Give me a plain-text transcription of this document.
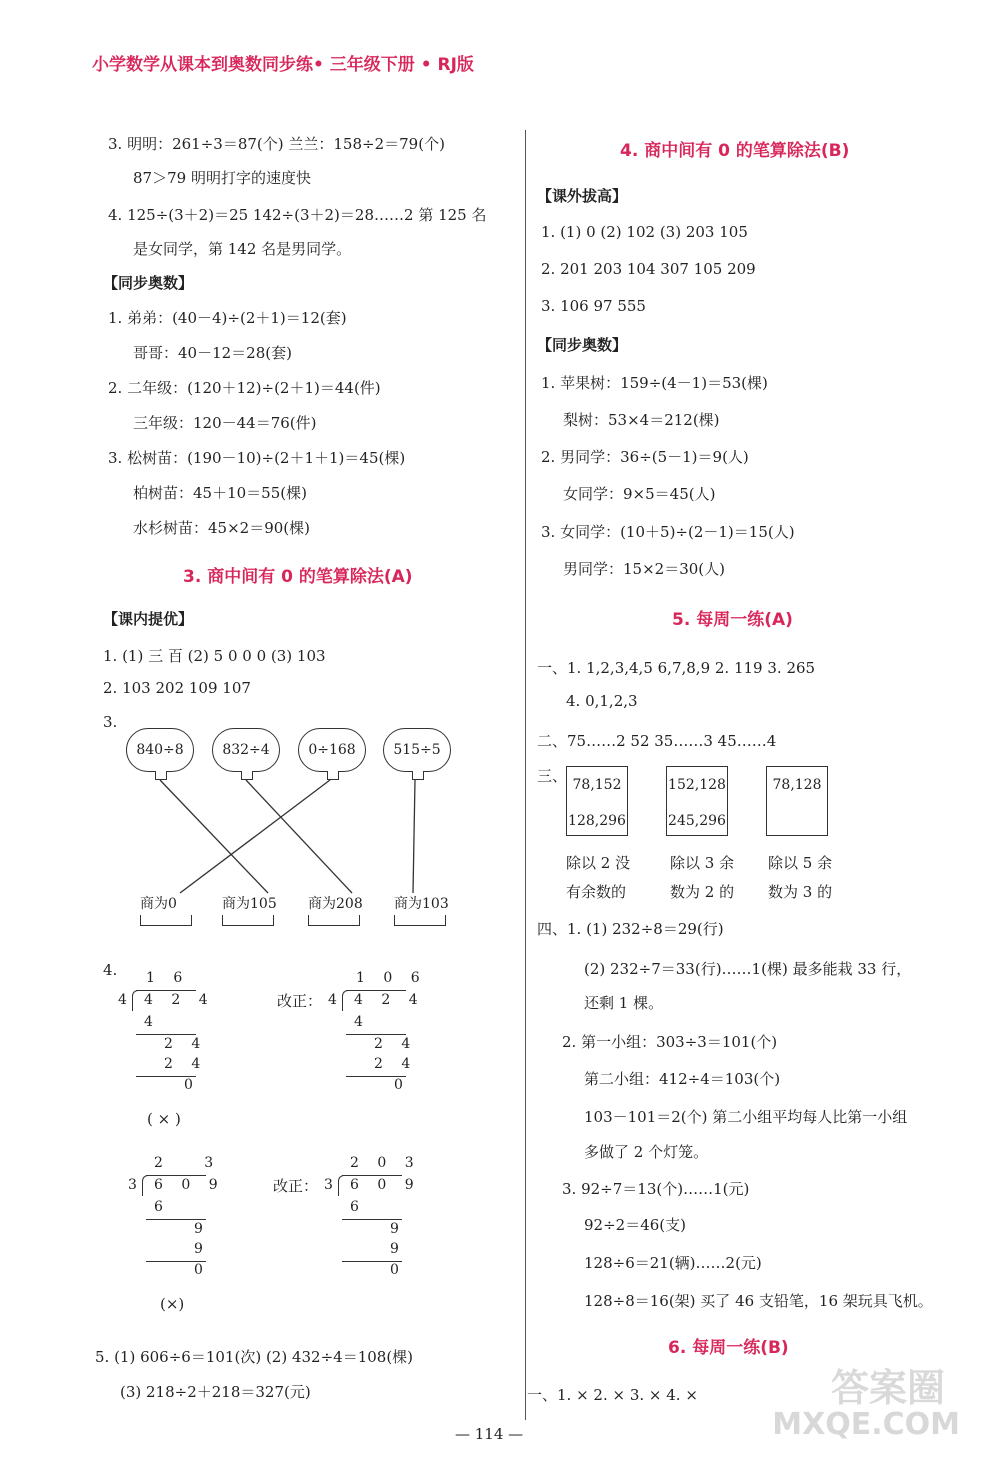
小学数学从课本到奥数同步练• 三年级下册 • RJ版
3. 明明：261÷3＝87(个) 兰兰：158÷2＝79(个)
87＞79 明明打字的速度快
4. 125÷(3＋2)＝25 142÷(3＋2)＝28……2 第 125 名
是女同学，第 142 名是男同学。
【同步奥数】
1. 弟弟：(40－4)÷(2＋1)＝12(套)
哥哥：40－12＝28(套)
2. 二年级：(120＋12)÷(2＋1)＝44(件)
三年级：120－44＝76(件)
3. 松树苗：(190－10)÷(2＋1＋1)＝45(棵)
柏树苗：45＋10＝55(棵)
水杉树苗：45×2＝90(棵)
3. 商中间有 0 的笔算除法(A)
【课内提优】
1. (1) 三 百 (2) 5 0 0 0 (3) 103
2. 103 202 109 107
3.
840÷8	832÷4	0÷168	515÷5
商为0	商为105 商为208 商为103
4. 1 6
4 4 2 4
4
2 4
2 4
0
( × )
改正：
1 0 6
4 4 2 4
4
2 4
2 4
0
2   3
3 6 0 9
6
9
9
0
(×)
改正：
2 0 3
3 6 0 9
6
9
9
0
5. (1) 606÷6＝101(次) (2) 432÷4＝108(棵)
(3) 218÷2＋218＝327(元)
4. 商中间有 0 的笔算除法(B)
【课外拔高】
1. (1) 0 (2) 102 (3) 203 105
2. 201 203 104 307 105 209
3. 106 97 555
【同步奥数】
1. 苹果树：159÷(4－1)＝53(棵)
梨树：53×4＝212(棵)
2. 男同学：36÷(5－1)＝9(人)
女同学：9×5＝45(人)
3. 女同学：(10＋5)÷(2－1)＝15(人)
男同学：15×2＝30(人)
5. 每周一练(A)
一、1. 1,2,3,4,5 6,7,8,9 2. 119 3. 265
4. 0,1,2,3
二、75……2 52 35……3 45……4
三、 78,152
128,296
152,128
245,296
78,128
除以 2 没
有余数的
除以 3 余
数为 2 的
除以 5 余
数为 3 的
四、1. (1) 232÷8＝29(行)
(2) 232÷7＝33(行)……1(棵) 最多能栽 33 行，
还剩 1 棵。
2. 第一小组：303÷3＝101(个)
第二小组：412÷4＝103(个)
103－101＝2(个) 第二小组平均每人比第一小组
多做了 2 个灯笼。
3. 92÷7＝13(个)……1(元)
92÷2＝46(支)
128÷6＝21(辆)……2(元)
128÷8＝16(架) 买了 46 支铅笔，16 架玩具飞机。
6. 每周一练(B)
一、1. × 2. × 3. × 4. ×
— 114 —
答案圈
MXQE.COM
